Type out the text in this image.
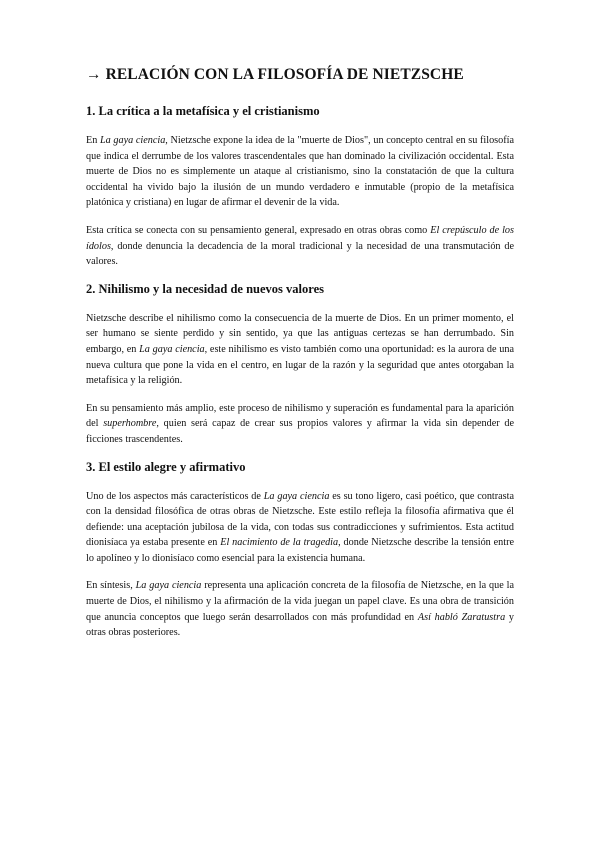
→ RELACIÓN CON LA FILOSOFÍA DE NIETZSCHE
1. La crítica a la metafísica y el cristianismo

En La gaya ciencia, Nietzsche expone la idea de la "muerte de Dios", un concepto central en su filosofía que indica el derrumbe de los valores trascendentales que han dominado la civilización occidental. Esta muerte de Dios no es simplemente un ataque al cristianismo, sino la constatación de que la cultura occidental ha vivido bajo la ilusión de un mundo verdadero e inmutable (propio de la metafísica platónica y cristiana) en lugar de afirmar el devenir de la vida.

Esta crítica se conecta con su pensamiento general, expresado en otras obras como El crepúsculo de los ídolos, donde denuncia la decadencia de la moral tradicional y la necesidad de una transmutación de valores.

2. Nihilismo y la necesidad de nuevos valores

Nietzsche describe el nihilismo como la consecuencia de la muerte de Dios. En un primer momento, el ser humano se siente perdido y sin sentido, ya que las antiguas certezas se han derrumbado. Sin embargo, en La gaya ciencia, este nihilismo es visto también como una oportunidad: es la aurora de una nueva cultura que pone la vida en el centro, en lugar de la razón y la seguridad que antes otorgaban la metafísica y la religión.

En su pensamiento más amplio, este proceso de nihilismo y superación es fundamental para la aparición del superhombre, quien será capaz de crear sus propios valores y afirmar la vida sin depender de ficciones trascendentes.

3. El estilo alegre y afirmativo

Uno de los aspectos más característicos de La gaya ciencia es su tono ligero, casi poético, que contrasta con la densidad filosófica de otras obras de Nietzsche. Este estilo refleja la filosofía afirmativa que él defiende: una aceptación jubilosa de la vida, con todas sus contradicciones y sufrimientos. Esta actitud dionisíaca ya estaba presente en El nacimiento de la tragedia, donde Nietzsche describe la tensión entre lo apolíneo y lo dionisíaco como esencial para la existencia humana.

En síntesis, La gaya ciencia representa una aplicación concreta de la filosofía de Nietzsche, en la que la muerte de Dios, el nihilismo y la afirmación de la vida juegan un papel clave. Es una obra de transición que anuncia conceptos que luego serán desarrollados con más profundidad en Así habló Zaratustra y otras obras posteriores.
